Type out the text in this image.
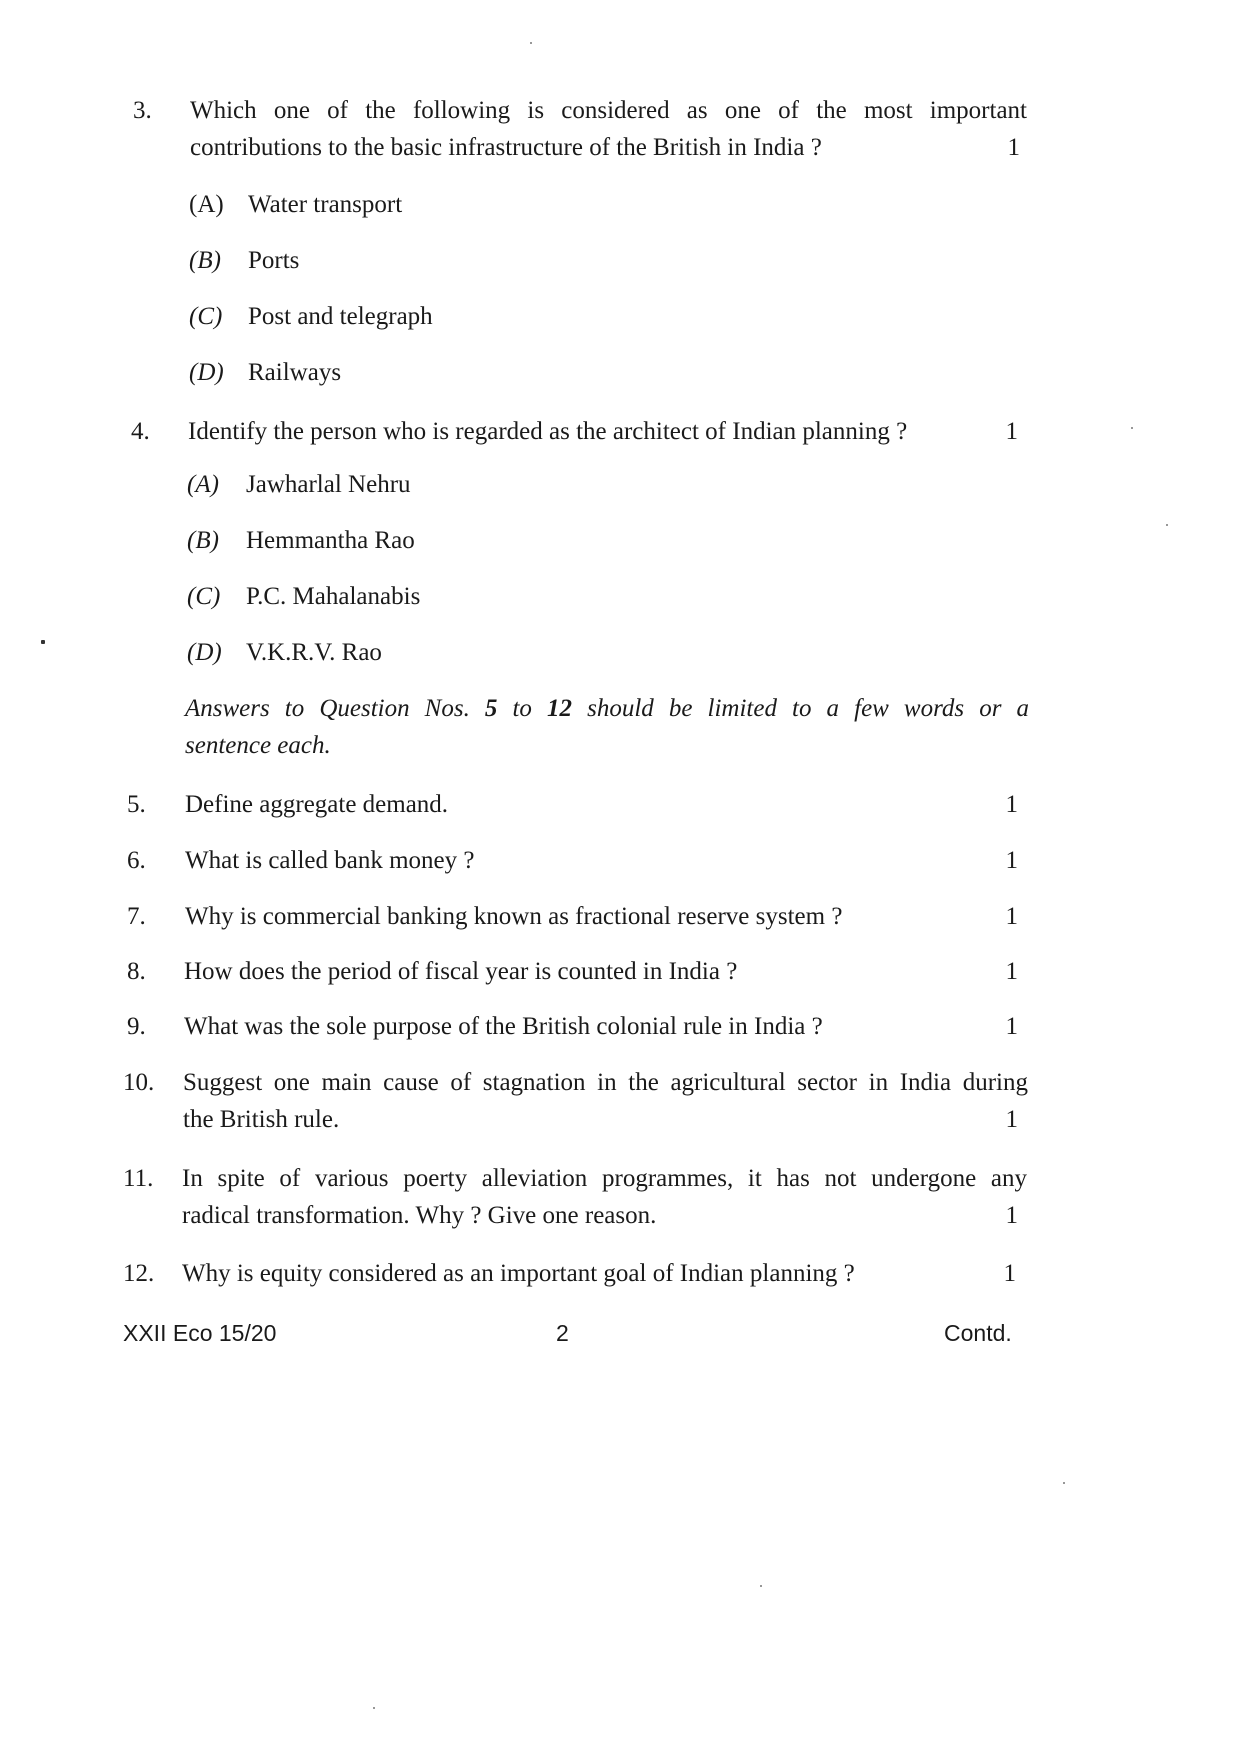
3. Which one of the following is considered as one of the most important
contributions to the basic infrastructure of the British in India ?	1
(A) Water transport
(B) Ports
(C) Post and telegraph
(D) Railways
4. Identify the person who is regarded as the architect of Indian planning ?	1
(A) Jawharlal Nehru
(B) Hemmantha Rao
(C) P.C. Mahalanabis
(D) V.K.R.V. Rao
Answers to Question Nos. 5 to 12 should be limited to a few words or a
sentence each.
5. Define aggregate demand.	1
6. What is called bank money ?	1
7. Why is commercial banking known as fractional reserve system ?	1
8. How does the period of fiscal year is counted in India ?	1
9. What was the sole purpose of the British colonial rule in India ?	1
10. Suggest one main cause of stagnation in the agricultural sector in India during
the British rule.	1
11. In spite of various poerty alleviation programmes, it has not undergone any
radical transformation. Why ? Give one reason.	1
12. Why is equity considered as an important goal of Indian planning ?	1
XXII Eco 15/20	2	Contd.
